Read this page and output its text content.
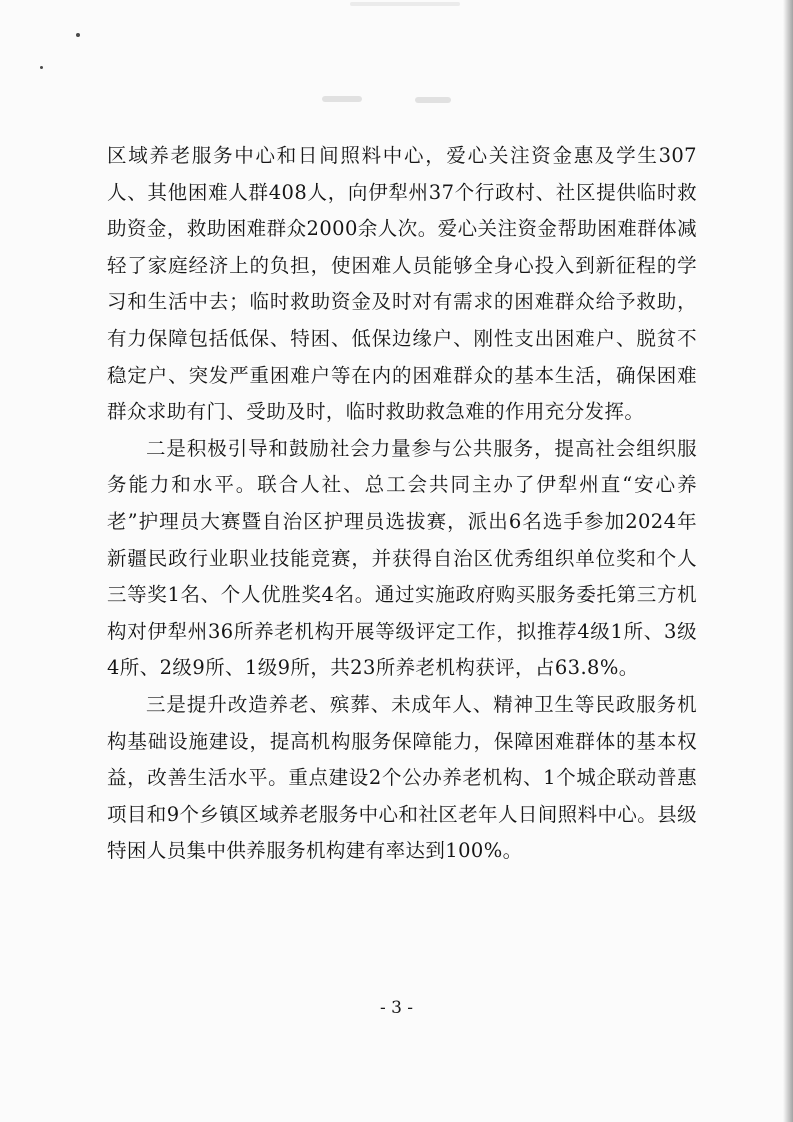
区域养老服务中心和日间照料中心，爱心关注资金惠及学生307人、其他困难人群408人，向伊犁州37个行政村、社区提供临时救助资金，救助困难群众2000余人次。爱心关注资金帮助困难群体减轻了家庭经济上的负担，使困难人员能够全身心投入到新征程的学习和生活中去；临时救助资金及时对有需求的困难群众给予救助，有力保障包括低保、特困、低保边缘户、刚性支出困难户、脱贫不稳定户、突发严重困难户等在内的困难群众的基本生活，确保困难群众求助有门、受助及时，临时救助救急难的作用充分发挥。

二是积极引导和鼓励社会力量参与公共服务，提高社会组织服务能力和水平。联合人社、总工会共同主办了伊犁州直“安心养老”护理员大赛暨自治区护理员选拔赛，派出6名选手参加2024年新疆民政行业职业技能竞赛，并获得自治区优秀组织单位奖和个人三等奖1名、个人优胜奖4名。通过实施政府购买服务委托第三方机构对伊犁州36所养老机构开展等级评定工作，拟推荐4级1所、3级4所、2级9所、1级9所，共23所养老机构获评，占63.8%。

三是提升改造养老、殡葬、未成年人、精神卫生等民政服务机构基础设施建设，提高机构服务保障能力，保障困难群体的基本权益，改善生活水平。重点建设2个公办养老机构、1个城企联动普惠项目和9个乡镇区域养老服务中心和社区老年人日间照料中心。县级特困人员集中供养服务机构建有率达到100%。

- 3 -
